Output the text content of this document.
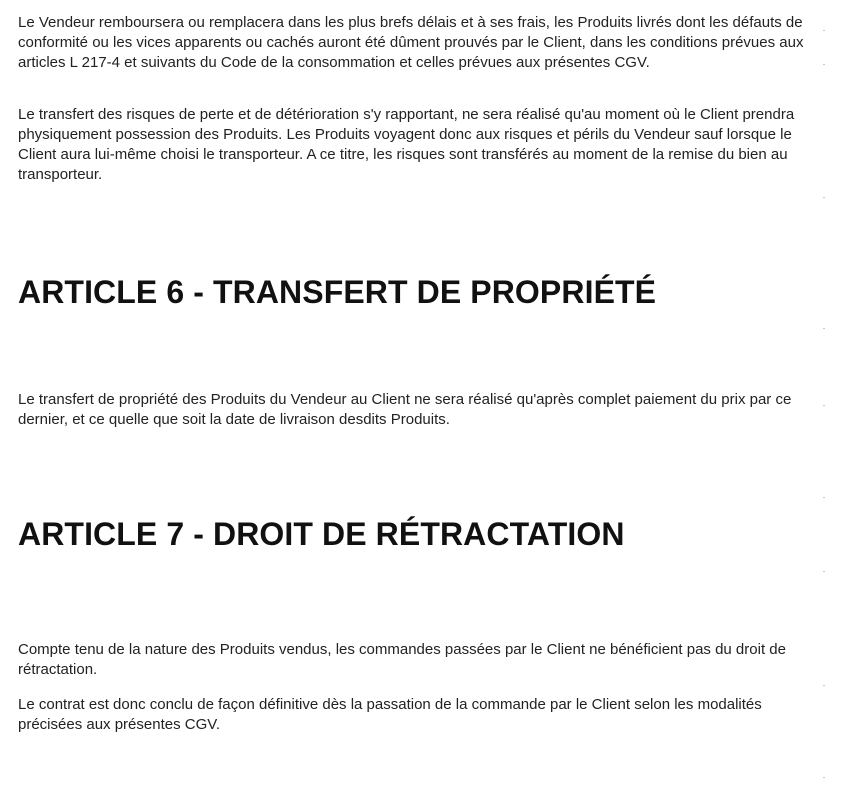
Le Vendeur remboursera ou remplacera dans les plus brefs délais et à ses frais, les Produits livrés dont les défauts de conformité ou les vices apparents ou cachés auront été dûment prouvés par le Client, dans les conditions prévues aux articles L 217-4 et suivants du Code de la consommation et celles prévues aux présentes CGV.

Le transfert des risques de perte et de détérioration s'y rapportant, ne sera réalisé qu'au moment où le Client prendra physiquement possession des Produits. Les Produits voyagent donc aux risques et périls du Vendeur sauf lorsque le Client aura lui-même choisi le transporteur. A ce titre, les risques sont transférés au moment de la remise du bien au transporteur.

ARTICLE 6 - TRANSFERT DE PROPRIÉTÉ

Le transfert de propriété des Produits du Vendeur au Client ne sera réalisé qu'après complet paiement du prix par ce dernier, et ce quelle que soit la date de livraison desdits Produits.

ARTICLE 7 - DROIT DE RÉTRACTATION

Compte tenu de la nature des Produits vendus, les commandes passées par le Client ne bénéficient pas du droit de rétractation.

Le contrat est donc conclu de façon définitive dès la passation de la commande par le Client selon les modalités précisées aux présentes CGV.
